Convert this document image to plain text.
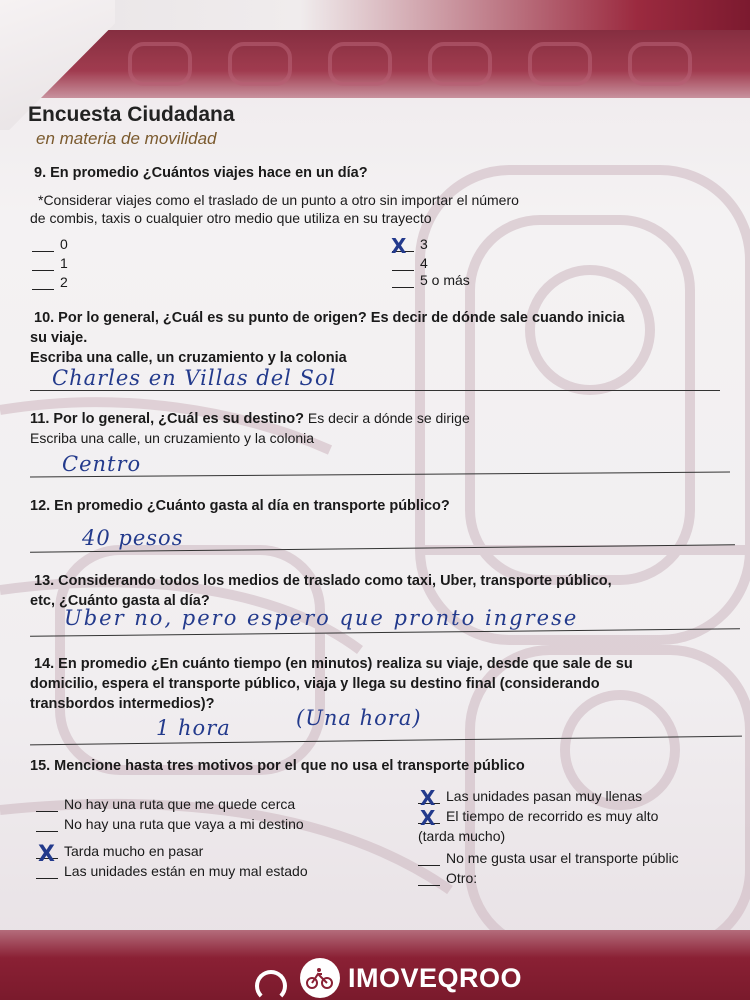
Encuesta Ciudadana
en materia de movilidad
9. En promedio ¿Cuántos viajes hace en un día?
*Considerar viajes como el traslado de un punto a otro sin importar el número
de combis, taxis o cualquier otro medio que utiliza en su trayecto
0
1
2
3
4
5 o más
X
10. Por lo general, ¿Cuál es su punto de origen? Es decir de dónde sale cuando inicia
su viaje.
Escriba una calle, un cruzamiento y la colonia
Charles en Villas del Sol
11. Por lo general, ¿Cuál es su destino? Es decir a dónde se dirige
Escriba una calle, un cruzamiento y la colonia
Centro
12. En promedio ¿Cuánto gasta al día en transporte público?
40 pesos
13. Considerando todos los medios de traslado como taxi, Uber, transporte público,
etc, ¿Cuánto gasta al día?
Uber no, pero espero que pronto ingrese
14. En promedio ¿En cuánto tiempo (en minutos) realiza su viaje, desde que sale de su
domicilio, espera el transporte público, viaja y llega su destino final (considerando
transbordos intermedios)?
1 hora	(Una hora)
15. Mencione hasta tres motivos por el que no usa el transporte público
No hay una ruta que me quede cerca
No hay una ruta que vaya a mi destino
Tarda mucho en pasar
Las unidades están en muy mal estado
X
Las unidades pasan muy llenas
El tiempo de recorrido es muy alto
(tarda mucho)
No me gusta usar el transporte públic
Otro:
X
X
IMOVEQROO
